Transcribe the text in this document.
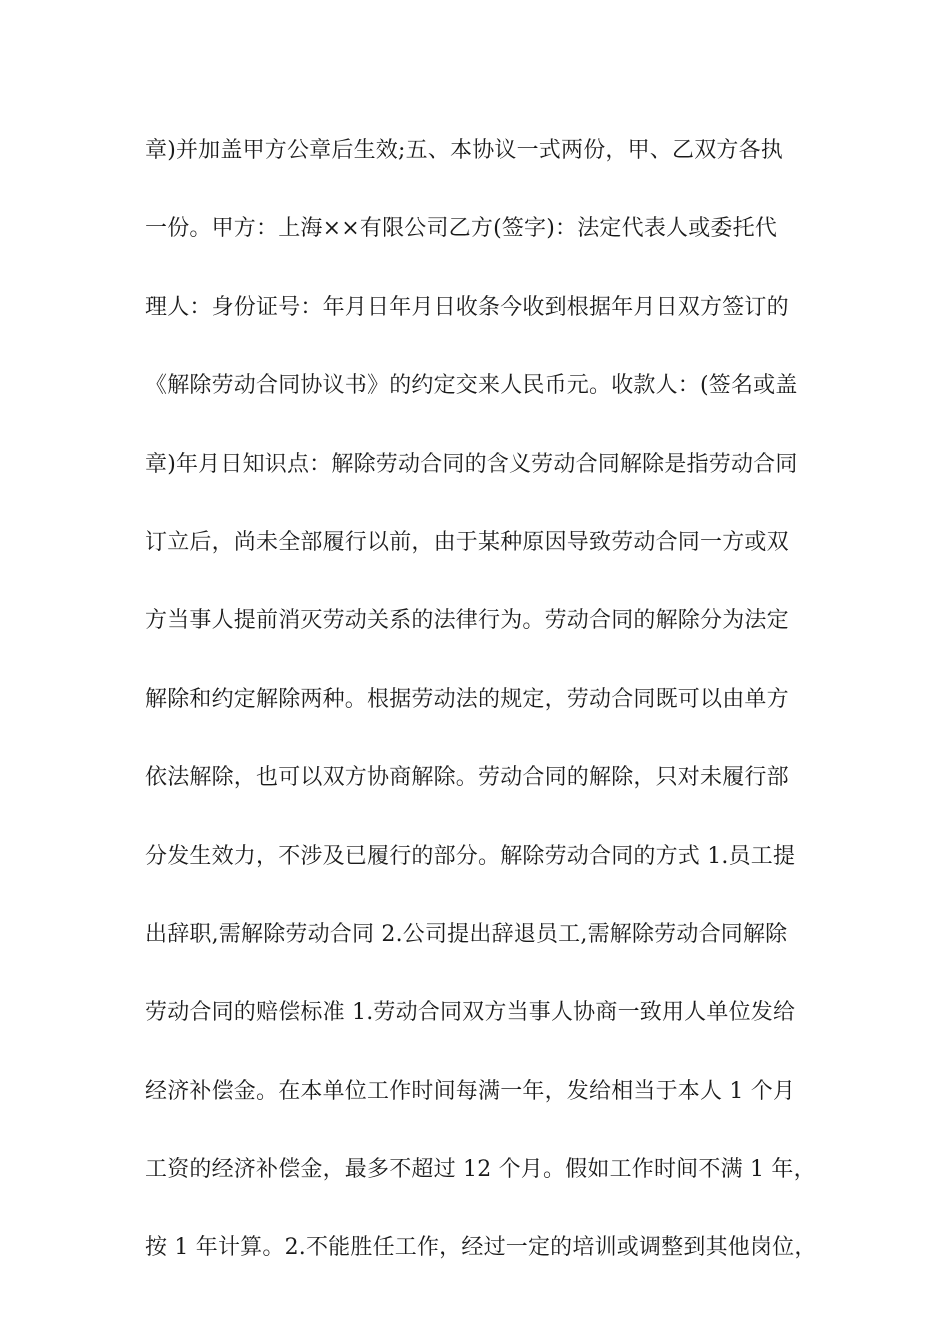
章)并加盖甲方公章后生效;五、本协议一式两份，甲、乙双方各执
一份。甲方：上海××有限公司乙方(签字)：法定代表人或委托代
理人：身份证号：年月日年月日收条今收到根据年月日双方签订的
《解除劳动合同协议书》的约定交来人民币元。收款人：(签名或盖
章)年月日知识点：解除劳动合同的含义劳动合同解除是指劳动合同
订立后，尚未全部履行以前，由于某种原因导致劳动合同一方或双
方当事人提前消灭劳动关系的法律行为。劳动合同的解除分为法定
解除和约定解除两种。根据劳动法的规定，劳动合同既可以由单方
依法解除，也可以双方协商解除。劳动合同的解除，只对未履行部
分发生效力，不涉及已履行的部分。解除劳动合同的方式 1.员工提
出辞职,需解除劳动合同 2.公司提出辞退员工,需解除劳动合同解除
劳动合同的赔偿标准 1.劳动合同双方当事人协商一致用人单位发给
经济补偿金。在本单位工作时间每满一年，发给相当于本人 1 个月
工资的经济补偿金，最多不超过 12 个月。假如工作时间不满 1 年，
按 1 年计算。2.不能胜任工作，经过一定的培训或调整到其他岗位，
